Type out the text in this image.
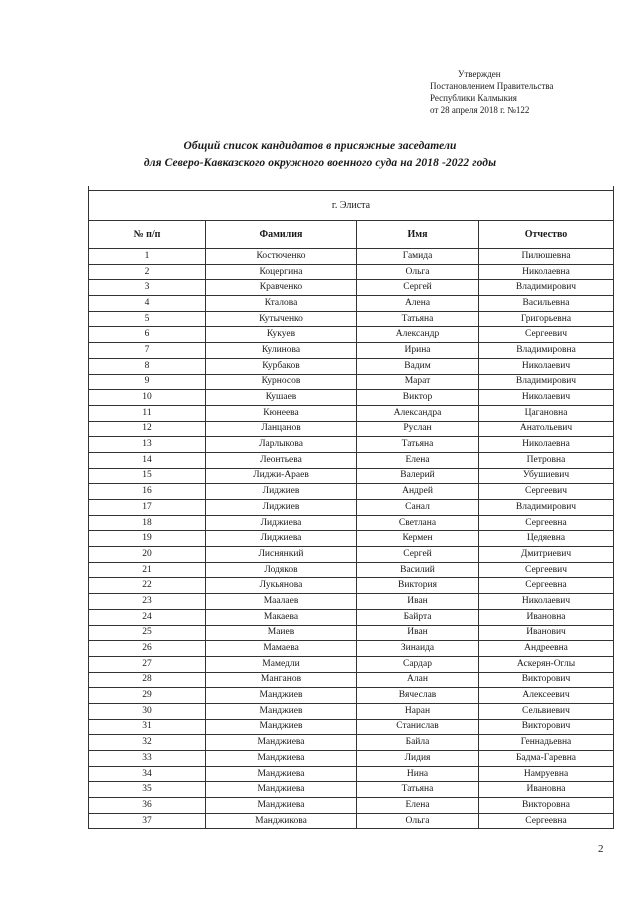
Утвержден
Постановлением Правительства
Республики Калмыкия
от 28 апреля 2018 г. №122
Общий список кандидатов в присяжные заседатели
для Северо-Кавказского окружного военного суда на 2018 -2022 годы

г. Элиста			
№ п/п	Фамилия	Имя	Отчество
1	Костюченко	Гамида	Пилюшевна
2	Коцергина	Ольга	Николаевна
3	Кравченко	Сергей	Владимирович
4	Кталова	Алена	Васильевна
5	Кутыченко	Татьяна	Григорьевна
6	Кукуев	Александр	Сергеевич
7	Кулинова	Ирина	Владимировна
8	Курбаков	Вадим	Николаевич
9	Курносов	Марат	Владимирович
10	Кушаев	Виктор	Николаевич
11	Кюнеева	Александра	Цагановна
12	Ланцанов	Руслан	Анатольевич
13	Ларлыкова	Татьяна	Николаевна
14	Леонтьева	Елена	Петровна
15	Лиджи-Араев	Валерий	Убушиевич
16	Лиджиев	Андрей	Сергеевич
17	Лиджиев	Санал	Владимирович
18	Лиджиева	Светлана	Сергеевна
19	Лиджиева	Кермен	Цедяевна
20	Лиснянкий	Сергей	Дмитриевич
21	Лодяков	Василий	Сергеевич
22	Лукьянова	Виктория	Сергеевна
23	Маалаев	Иван	Николаевич
24	Макаева	Байрта	Ивановна
25	Маиев	Иван	Иванович
26	Мамаева	Зинаида	Андреевна
27	Мамедли	Сардар	Аскерян-Оглы
28	Манганов	Алан	Викторович
29	Манджиев	Вячеслав	Алексеевич
30	Манджиев	Наран	Сельвиевич
31	Манджиев	Станислав	Викторович
32	Манджиева	Байла	Геннадьевна
33	Манджиева	Лидия	Бадма-Гаревна
34	Манджиева	Нина	Намруевна
35	Манджиева	Татьяна	Ивановна
36	Манджиева	Елена	Викторовна
37	Манджикова	Ольга	Сергеевна
2
